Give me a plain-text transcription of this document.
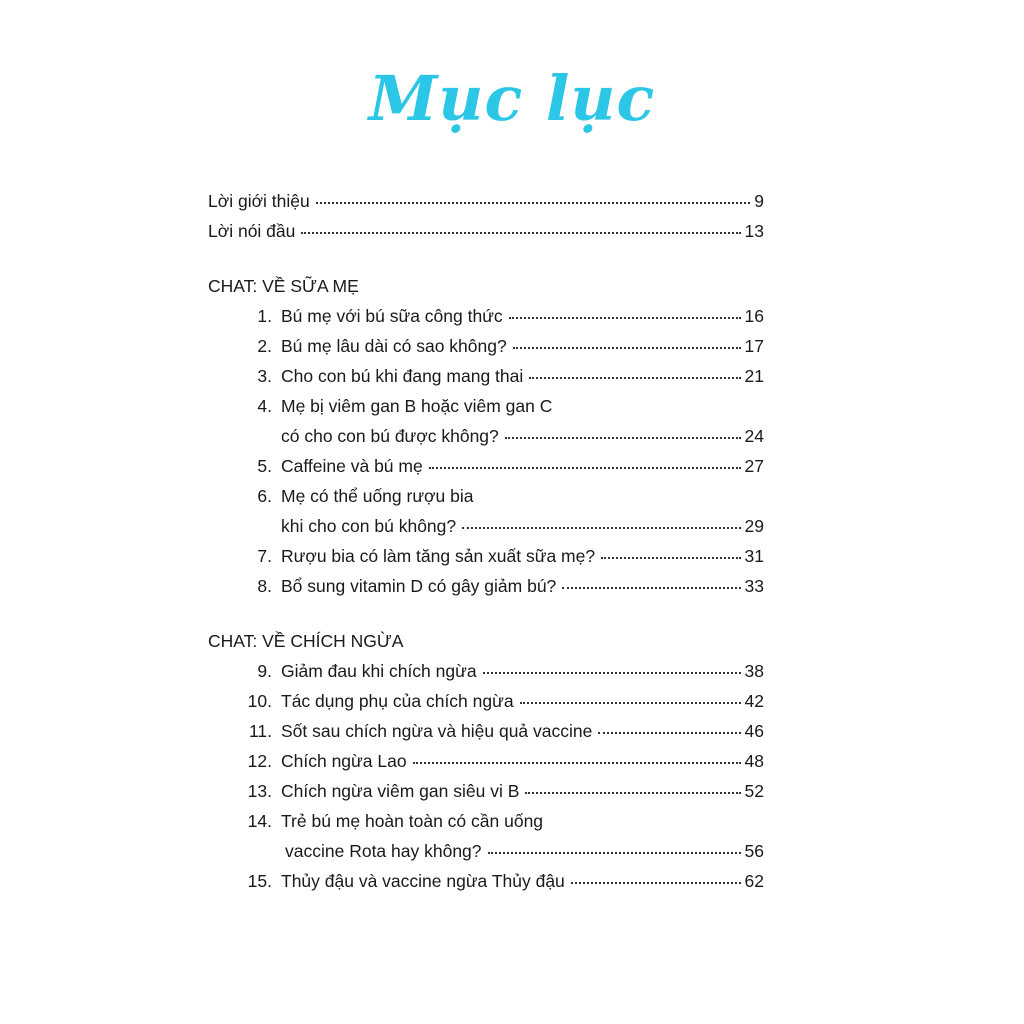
Mục lục
Lời giới thiệu	9
Lời nói đầu	13
CHAT: VỀ SỮA MẸ
1. Bú mẹ với bú sữa công thức	16
2. Bú mẹ lâu dài có sao không?	17
3. Cho con bú khi đang mang thai	21
4. Mẹ bị viêm gan B hoặc viêm gan C
có cho con bú được không?	24
5. Caffeine và bú mẹ	27
6. Mẹ có thể uống rượu bia
khi cho con bú không?	29
7. Rượu bia có làm tăng sản xuất sữa mẹ?	31
8. Bổ sung vitamin D có gây giảm bú?	33
CHAT: VỀ CHÍCH NGỪA
9. Giảm đau khi chích ngừa	38
10. Tác dụng phụ của chích ngừa	42
11. Sốt sau chích ngừa và hiệu quả vaccine	46
12. Chích ngừa Lao	48
13. Chích ngừa viêm gan siêu vi B	52
14. Trẻ bú mẹ hoàn toàn có cần uống
vaccine Rota hay không?	56
15. Thủy đậu và vaccine ngừa Thủy đậu	62
